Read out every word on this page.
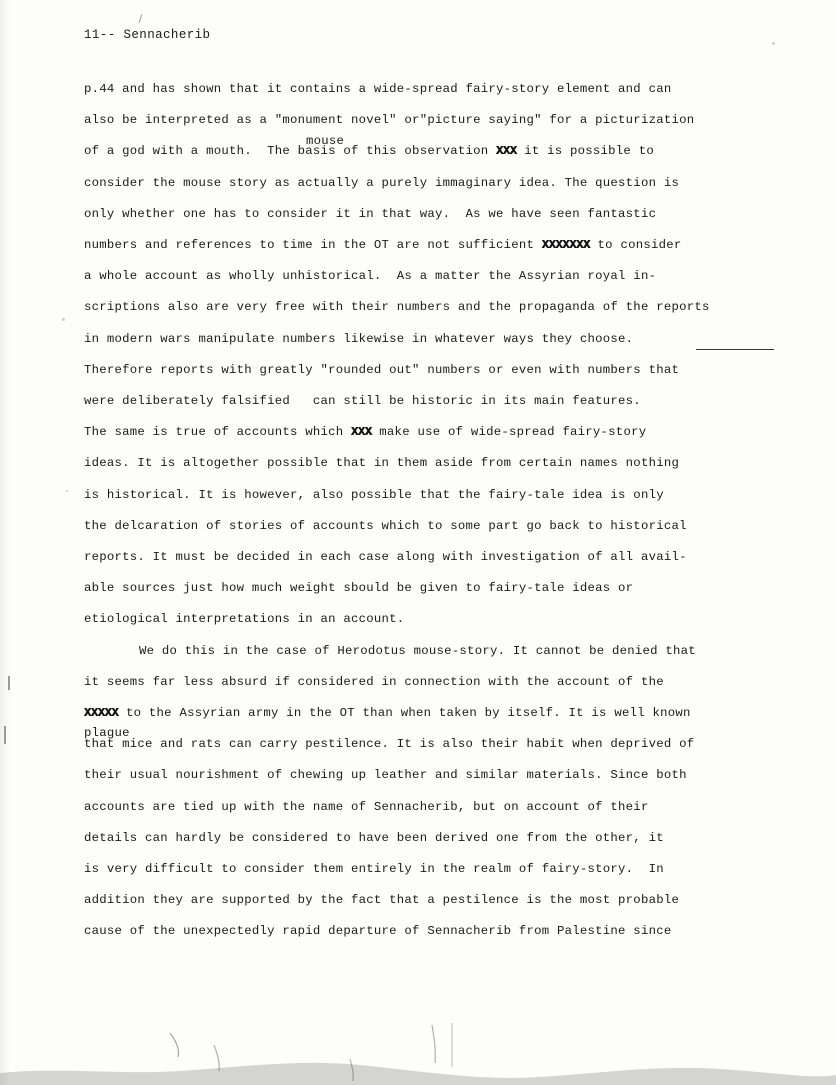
11-- Sennacherib
p.44 and has shown that it contains a wide-spread fairy-story element and can
also be interpreted as a "monument novel" or"picture saying" for a picturization
mouse
of a god with a mouth.  The basis of this observation XXX it is possible to
consider the mouse story as actually a purely immaginary idea. The question is
only whether one has to consider it in that way.  As we have seen fantastic
numbers and references to time in the OT are not sufficient XXXXXXX to consider
a whole account as wholly unhistorical.  As a matter the Assyrian royal in-
scriptions also are very free with their numbers and the propaganda of the reports
in modern wars manipulate numbers likewise in whatever ways they choose.
Therefore reports with greatly "rounded out" numbers or even with numbers that
were deliberately falsified   can still be historic in its main features.
The same is true of accounts which XXX make use of wide-spread fairy-story
ideas. It is altogether possible that in them aside from certain names nothing
is historical. It is however, also possible that the fairy-tale idea is only
the delcaration of stories of accounts which to some part go back to historical
reports. It must be decided in each case along with investigation of all avail-
able sources just how much weight sbould be given to fairy-tale ideas or
etiological interpretations in an account.
We do this in the case of Herodotus mouse-story. It cannot be denied that
it seems far less absurd if considered in connection with the account of the
plague
XXXXX to the Assyrian army in the OT than when taken by itself. It is well known
that mice and rats can carry pestilence. It is also their habit when deprived of
their usual nourishment of chewing up leather and similar materials. Since both
accounts are tied up with the name of Sennacherib, but on account of their
details can hardly be considered to have been derived one from the other, it
is very difficult to consider them entirely in the realm of fairy-story.  In
addition they are supported by the fact that a pestilence is the most probable
cause of the unexpectedly rapid departure of Sennacherib from Palestine since
